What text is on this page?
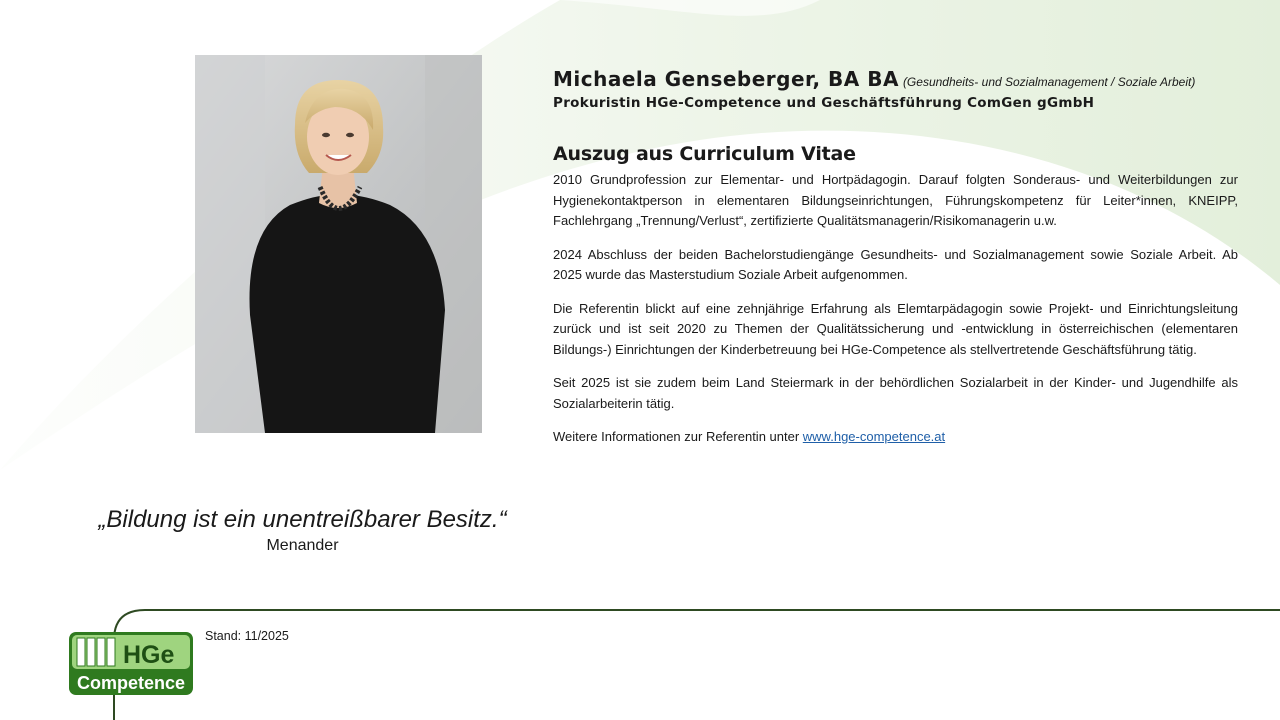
Michaela Genseberger, BA BA (Gesundheits- und Sozialmanagement / Soziale Arbeit)
Prokuristin HGe-Competence und Geschäftsführung ComGen gGmbH
Auszug aus Curriculum Vitae

2010 Grundprofession zur Elementar- und Hortpädagogin. Darauf folgten Sonderaus- und Weiterbildungen zur Hygienekontaktperson in elementaren Bildungseinrichtungen, Führungskompetenz für Leiter*innen, KNEIPP, Fachlehrgang „Trennung/Verlust“, zertifizierte Qualitätsmanagerin/Risikomanagerin u.w.

2024 Abschluss der beiden Bachelorstudiengänge Gesundheits- und Sozialmanagement sowie Soziale Arbeit. Ab 2025 wurde das Masterstudium Soziale Arbeit aufgenommen.

Die Referentin blickt auf eine zehnjährige Erfahrung als Elemtarpädagogin sowie Projekt- und Einrichtungsleitung zurück und ist seit 2020 zu Themen der Qualitätssicherung und -entwicklung in österreichischen (elementaren Bildungs-) Einrichtungen der Kinderbetreuung bei HGe-Competence als stellvertretende Geschäftsführung tätig.

Seit 2025 ist sie zudem beim Land Steiermark in der behördlichen Sozialarbeit in der Kinder- und Jugendhilfe als Sozialarbeiterin tätig.

Weitere Informationen zur Referentin unter www.hge-competence.at

„Bildung ist ein unentreißbarer Besitz.“
Menander
HGe
Competence
Stand: 11/2025
